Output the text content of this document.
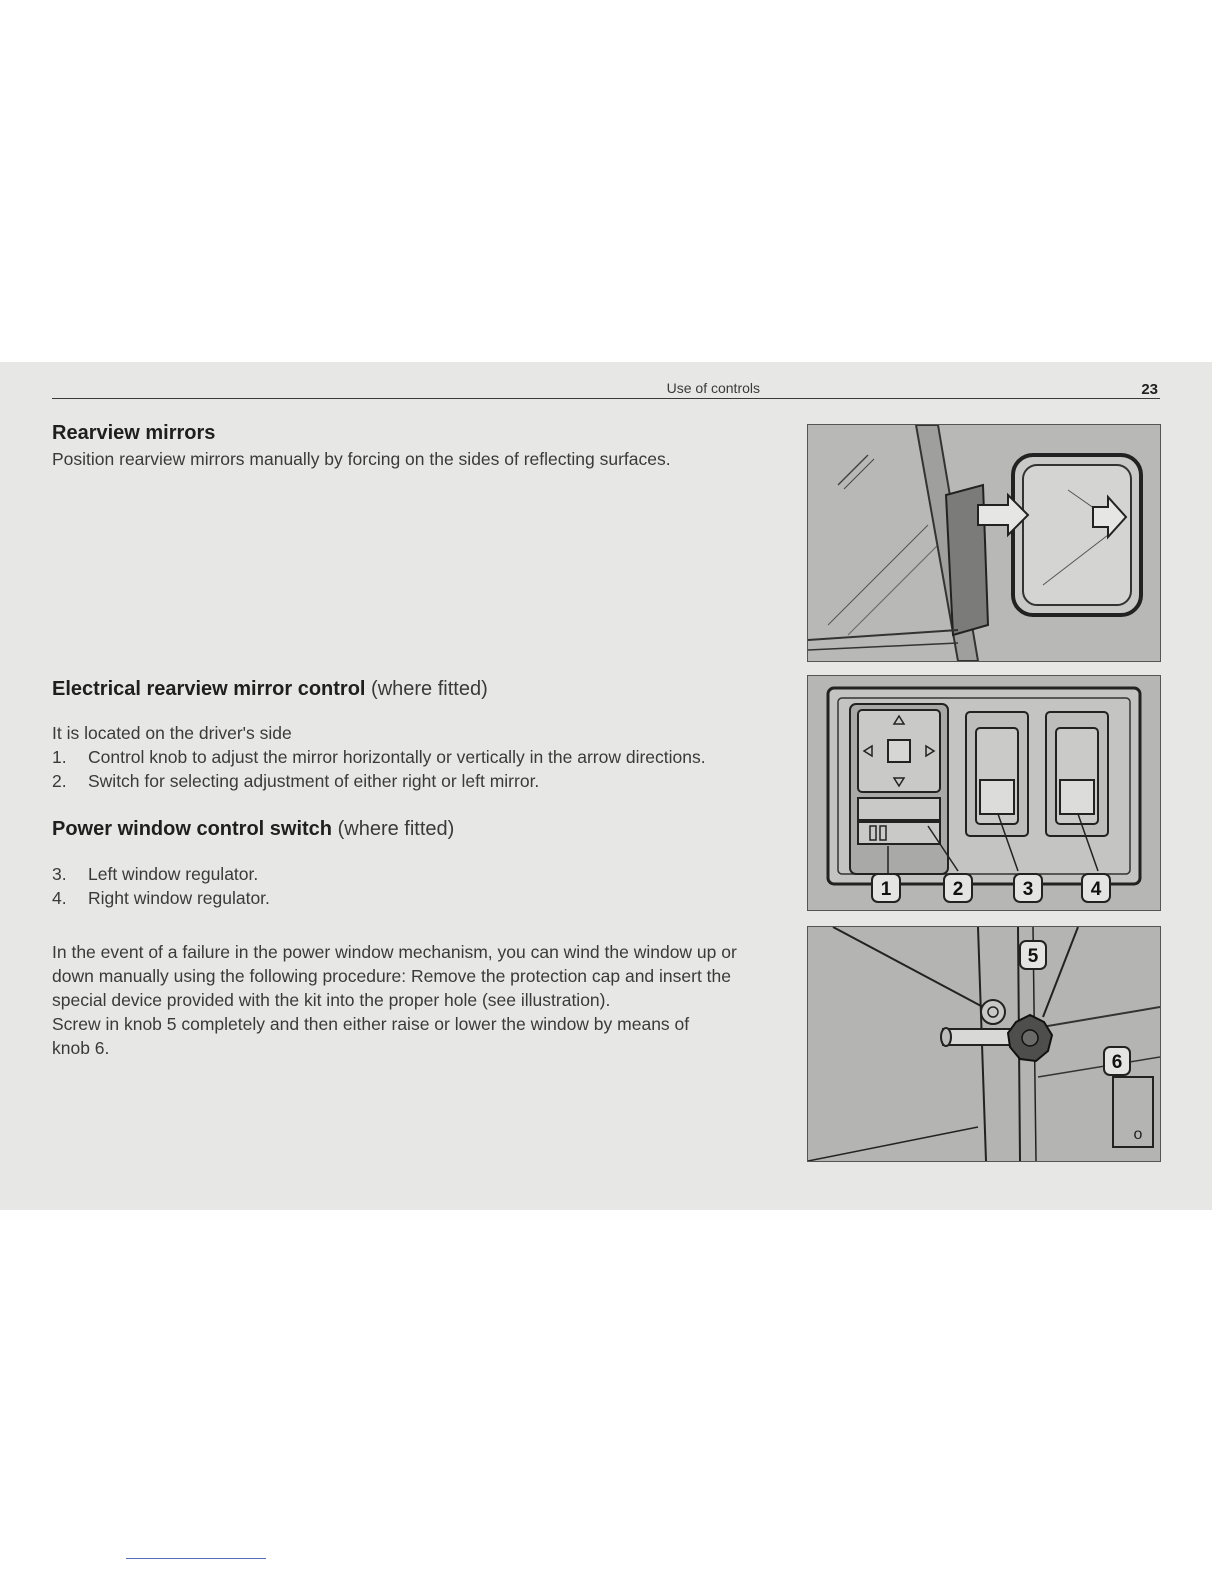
Use of controls	23
Rearview mirrors

Position rearview mirrors manually by forcing on the sides of reflecting surfaces.

Electrical rearview mirror control (where fitted)

It is located on the driver's side

1.	Control knob to adjust the mirror horizontally or vertically in the arrow directions.
2.	Switch for selecting adjustment of either right or left mirror.
Power window control switch (where fitted)
3.	Left window regulator.
4.	Right window regulator.
In the event of a failure in the power window mechanism, you can wind the window up or
down manually using the following procedure: Remove the protection cap and insert the
special device provided with the kit into the proper hole (see illustration).
Screw in knob 5 completely and then either raise or lower the window by means of
knob 6.
1	2	3	4
o
5
6
